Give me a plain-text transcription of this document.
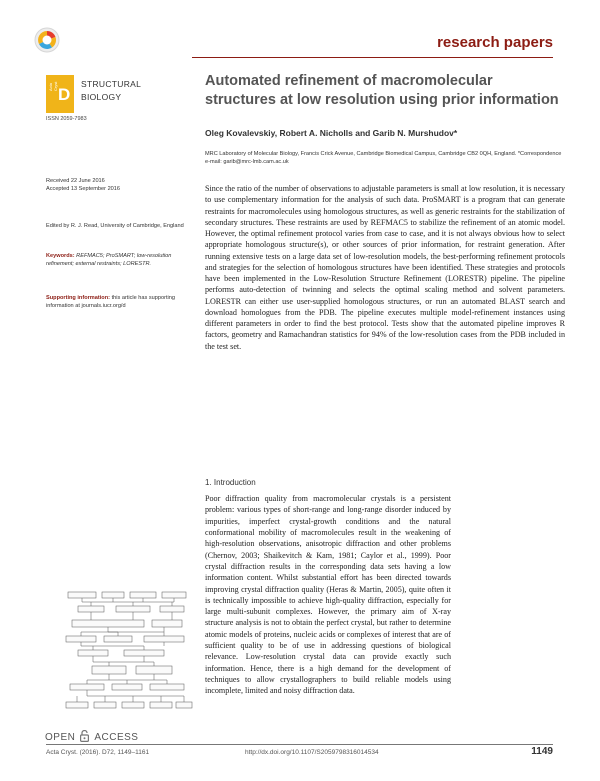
research papers
Acta Cryst D
STRUCTURAL
BIOLOGY
ISSN 2059-7983
Automated refinement of macromolecular structures at low resolution using prior information
Oleg Kovalevskiy, Robert A. Nicholls and Garib N. Murshudov*
MRC Laboratory of Molecular Biology, Francis Crick Avenue, Cambridge Biomedical Campus, Cambridge CB2 0QH, England. *Correspondence e-mail: garib@mrc-lmb.cam.ac.uk
Received 22 June 2016
Accepted 13 September 2016
Edited by R. J. Read, University of Cambridge, England
Keywords: REFMAC5; ProSMART; low-resolution refinement; external restraints; LORESTR.
Supporting information: this article has supporting information at journals.iucr.org/d
Since the ratio of the number of observations to adjustable parameters is small at low resolution, it is necessary to use complementary information for the analysis of such data. ProSMART is a program that can generate restraints for macromolecules using homologous structures, as well as generic restraints for the stabilization of secondary structures. These restraints are used by REFMAC5 to stabilize the refinement of an atomic model. However, the optimal refinement protocol varies from case to case, and it is not always obvious how to select appropriate homologous structure(s), or other sources of prior information, for restraint generation. After running extensive tests on a large data set of low-resolution models, the best-performing refinement protocols and strategies for the selection of homologous structures have been identified. These strategies and protocols have been implemented in the Low-Resolution Structure Refinement (LORESTR) pipeline. The pipeline performs auto-detection of twinning and selects the optimal scaling method and solvent parameters. LORESTR can either use user-supplied homologous structures, or run an automated BLAST search and download homologues from the PDB. The pipeline executes multiple model-refinement instances using different parameters in order to find the best protocol. Tests show that the automated pipeline improves R factors, geometry and Ramachandran statistics for 94% of the low-resolution cases from the PDB included in the test set.
1. Introduction
Poor diffraction quality from macromolecular crystals is a persistent problem: various types of short-range and long-range disorder induced by impurities, imperfect crystal-growth conditions and the natural conformational mobility of macromolecules result in the weakening of high-resolution observations, anisotropic diffraction and other problems (Chernov, 2003; Shaikevitch & Kam, 1981; Caylor et al., 1999). Poor crystal diffraction results in the corresponding data sets having a low information content. Whilst substantial effort has been directed towards improving crystal diffraction quality (Heras & Martin, 2005), quite often it is technically impossible to achieve high-quality diffraction, especially for large multi-subunit complexes. However, the primary aim of X-ray structure analysis is not to obtain the perfect crystal, but rather to determine atomic models of proteins, nucleic acids or complexes of interest that are of sufficient quality to be of use in addressing questions of biological relevance. Low-resolution crystal data can provide exactly such information. Hence, there is a high demand for the development of techniques to allow crystallographers to build reliable models using incomplete, limited and noisy diffraction data.
OPEN ACCESS
Acta Cryst. (2016). D72, 1149–1161	http://dx.doi.org/10.1107/S2059798316014534	1149
